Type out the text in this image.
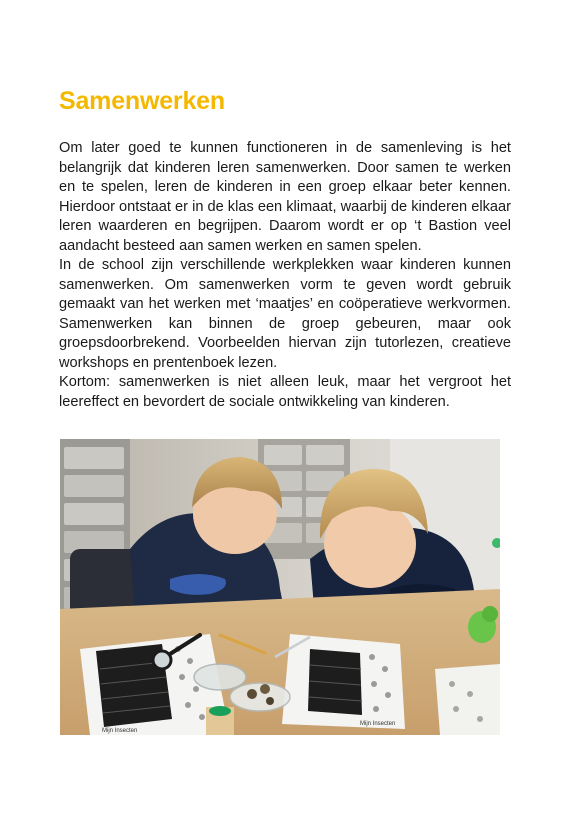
Samenwerken

Om later goed te kunnen functioneren in de samenleving is het belangrijk dat kinderen leren samenwerken. Door samen te werken en te spelen, leren de kinderen in een groep elkaar beter kennen. Hierdoor ontstaat er in de klas een klimaat, waarbij de kinderen elkaar leren waarderen en begrijpen. Daarom wordt er op ‘t Bastion veel aandacht besteed aan samen werken en samen spelen.

In de school zijn verschillende werkplekken waar kinderen kunnen samenwerken. Om samenwerken vorm te geven wordt gebruik gemaakt van het werken met ‘maatjes’ en coöperatieve werkvormen. Samenwerken kan binnen de groep gebeuren, maar ook groepsdoorbrekend. Voorbeelden hiervan zijn tutorlezen, creatieve workshops en prentenboek lezen.

Kortom: samenwerken is niet alleen leuk, maar het vergroot het leereffect en bevordert de sociale ontwikkeling van kinderen.

Mijn Insecten
Mijn Insecten
